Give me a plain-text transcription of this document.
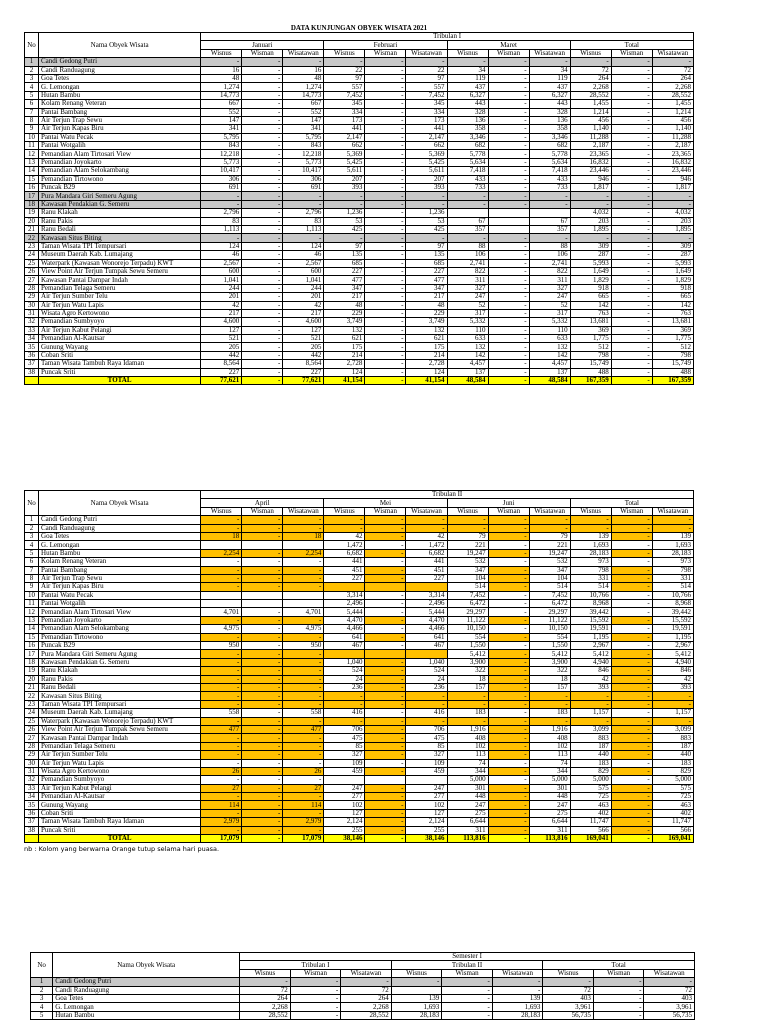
DATA KUNJUNGAN OBYEK WISATA 2021
No	Nama Obyek Wisata	Tribulan I											
		Januari			Februari			Maret			Total		
		Wisnus	Wisman	Wisatawan	Wisnus	Wisman	Wisatawan	Wisnus	Wisman	Wisatawan	Wisnus	Wisman	Wisatawan
1	Candi Gedong Putri	-	-	-	-	-	-	-	-	-	-	-	-
2	Candi Randuagung	16	-	16	22	-	22	34	-	34	72	-	72
3	Goa Tetes	48	-	48	97	-	97	119	-	119	264	-	264
4	G. Lemongan	1,274	-	1,274	557	-	557	437	-	437	2,268	-	2,268
5	Hutan Bambu	14,773	-	14,773	7,452	-	7,452	6,327	-	6,327	28,552	-	28,552
6	Kolam Renang Veteran	667	-	667	345	-	345	443	-	443	1,455	-	1,455
7	Pantai Bambang	552	-	552	334	-	334	328	-	328	1,214	-	1,214
8	Air Terjun Trap Sewu	147	-	147	173	-	173	136	-	136	456	-	456
9	Air Terjun Kapas Biru	341	-	341	441	-	441	358	-	358	1,140	-	1,140
10	Pantai Watu Pecak	5,795	-	5,795	2,147	-	2,147	3,346	-	3,346	11,288	-	11,288
11	Pantai Wotgalih	843	-	843	662	-	662	682	-	682	2,187	-	2,187
12	Pemandian Alam Tirtosari View	12,218	-	12,218	5,369	-	5,369	5,778	-	5,778	23,365	-	23,365
13	Pemandian Joyokarto	5,773	-	5,773	5,425	-	5,425	5,634	-	5,634	16,832	-	16,832
14	Pemandian Alam Selokambang	10,417	-	10,417	5,611	-	5,611	7,418	-	7,418	23,446	-	23,446
15	Pemandian Tirtowono	306	-	306	207	-	207	433	-	433	946	-	946
16	Puncak B29	691	-	691	393	-	393	733	-	733	1,817	-	1,817
17	Pura Mandara Giri Semeru Agung	-	-	-	-	-	-	-	-	-	-	-	-
18	Kawasan Pendakian G. Semeru	-	-	-	-	-	-	-	-	-	-	-	-
19	Ranu Klakah	2,796	-	2,796	1,236	-	1,236				4,032	-	4,032
20	Ranu Pakis	83	-	83	53	-	53	67		67	203	-	203
21	Ranu Bedali	1,113	-	1,113	425	-	425	357		357	1,895	-	1,895
22	Kawasan Situs Biting	-	-	-	-	-	-	-	-	-	-	-	-
23	Taman Wisata TPI Tempursari	124	-	124	97	-	97	88	-	88	309	-	309
24	Museum Daerah Kab. Lumajang	46	-	46	135	-	135	106	-	106	287	-	287
25	Waterpark (Kawasan Wonorejo Terpadu) KWT	2,567	-	2,567	685	-	685	2,741	-	2,741	5,993	-	5,993
26	View Point Air Terjun Tumpak Sewu Semeru	600	-	600	227	-	227	822	-	822	1,649	-	1,649
27	Kawasan Pantai Dampar Indah	1,041	-	1,041	477	-	477	311	-	311	1,829	-	1,829
28	Pemandian Telaga Semeru	244	-	244	347	-	347	327	-	327	918	-	918
29	Air Terjun Sumber Telu	201	-	201	217	-	217	247	-	247	665	-	665
30	Air Terjun Watu Lapis	42	-	42	48	-	48	52	-	52	142	-	142
31	Wisata Agro Kertowono	217	-	217	229	-	229	317	-	317	763	-	763
32	Pemandian Sumbyoyo	4,600	-	4,600	3,749	-	3,749	5,332	-	5,332	13,681	-	13,681
33	Air Terjun Kabut Pelangi	127	-	127	132	-	132	110	-	110	369	-	369
34	Pemandian Al-Kautsar	521	-	521	621	-	621	633	-	633	1,775	-	1,775
35	Gunung Wayang	205	-	205	175	-	175	132	-	132	512	-	512
36	Coban Sriti	442	-	442	214	-	214	142	-	142	798	-	798
37	Taman Wisata Tambuh Raya Idaman	8,564	-	8,564	2,728	-	2,728	4,457	-	4,457	15,749	-	15,749
38	Puncak Sriti	227	-	227	124	-	124	137	-	137	488	-	488
	TOTAL	77,621	-	77,621	41,154	-	41,154	48,584	-	48,584	167,359	-	167,359
No	Nama Obyek Wisata	Tribulan II											
		April			Mei			Juni			Total		
		Wisnus	Wisman	Wisatawan	Wisnus	Wisman	Wisatawan	Wisnus	Wisman	Wisatawan	Wisnus	Wisman	Wisatawan
1	Candi Gedong Putri	-	-	-	-	-	-	-	-	-	-	-	-
2	Candi Randuagung	-	-	-	-	-	-	-	-	-	-	-	-
3	Goa Tetes	18	-	18	42	-	42	79	-	79	139	-	139
4	G. Lemongan				1,472	-	1,472	221	-	221	1,693	-	1,693
5	Hutan Bambu	2,254	-	2,254	6,682	-	6,682	19,247	-	19,247	28,183	-	28,183
6	Kolam Renang Veteran	-	-	-	441	-	441	532	-	532	973	-	973
7	Pantai Bambang	-	-	-	451	-	451	347	-	347	798	-	798
8	Air Terjun Trap Sewu	-	-	-	227	-	227	104	-	104	331	-	331
9	Air Terjun Kapas Biru	-	-	-				514	-	514	514	-	514
10	Pantai Watu Pecak				3,314	-	3,314	7,452	-	7,452	10,766	-	10,766
11	Pantai Wotgalih				2,496	-	2,496	6,472	-	6,472	8,968	-	8,968
12	Pemandian Alam Tirtosari View	4,701	-	4,701	5,444	-	5,444	29,297	-	29,297	39,442	-	39,442
13	Pemandian Joyokarto	-	-	-	4,470	-	4,470	11,122	-	11,122	15,592	-	15,592
14	Pemandian Alam Selokambang	4,975	-	4,975	4,466	-	4,466	10,150	-	10,150	19,591	-	19,591
15	Pemandian Tirtowono	-	-	-	641	-	641	554	-	554	1,195	-	1,195
16	Puncak B29	950	-	950	467	-	467	1,550	-	1,550	2,967	-	2,967
17	Pura Mandara Giri Semeru Agung	-	-	-				5,412	-	5,412	5,412	-	5,412
18	Kawasan Pendakian G. Semeru	-	-	-	1,040	-	1,040	3,900	-	3,900	4,940	-	4,940
19	Ranu Klakah	-	-	-	524	-	524	322	-	322	846	-	846
20	Ranu Pakis	-	-	-	24	-	24	18	-	18	42	-	42
21	Ranu Bedali	-	-	-	236	-	236	157	-	157	393	-	393
22	Kawasan Situs Biting	-	-	-	-	-	-	-	-	-	-	-	-
23	Taman Wisata TPI Tempursari	-	-	-	-	-	-	-	-	-	-	-	-
24	Museum Daerah Kab. Lumajang	558	-	558	416	-	416	183	-	183	1,157	-	1,157
25	Waterpark (Kawasan Wonorejo Terpadu) KWT	-	-	-	-	-	-	-	-	-	-	-	-
26	View Point Air Terjun Tumpak Sewu Semeru	477	-	477	706	-	706	1,916	-	1,916	3,099	-	3,099
27	Kawasan Pantai Dampar Indah	-	-	-	475	-	475	408	-	408	883	-	883
28	Pemandian Telaga Semeru	-	-	-	85	-	85	102	-	102	187	-	187
29	Air Terjun Sumber Telu	-	-	-	327	-	327	113	-	113	440	-	440
30	Air Terjun Watu Lapis	-	-	-	109	-	109	74	-	74	183	-	183
31	Wisata Agro Kertowono	26	-	26	459	-	459	344	-	344	829	-	829
32	Pemandian Sumbyoyo	-	-	-				5,000	-	5,000	5,000	-	5,000
33	Air Terjun Kabut Pelangi	27	-	27	247	-	247	301	-	301	575	-	575
34	Pemandian Al-Kautsar	-	-	-	277	-	277	448	-	448	725	-	725
35	Gunung Wayang	114	-	114	102	-	102	247	-	247	463	-	463
36	Coban Sriti	-	-	-	127	-	127	275	-	275	402	-	402
37	Taman Wisata Tambuh Raya Idaman	2,979	-	2,979	2,124	-	2,124	6,644	-	6,644	11,747	-	11,747
38	Puncak Sriti	-	-	-	255	-	255	311	-	311	566	-	566
	TOTAL	17,079	-	17,079	38,146	-	38,146	113,816	-	113,816	169,041	-	169,041
nb : Kolom yang berwarna Orange tutup selama hari puasa.
No	Nama Obyek Wisata	Semester I								
		Tribulan I			Tribulan II			Total		
		Wisnus	Wisman	Wisatawan	Wisnus	Wisman	Wisatawan	Wisnus	Wisman	Wisatawan
1	Candi Gedong Putri	-	-	-	-	-	-	-	-	-
2	Candi Randuagung	72	-	72		-	-	72	-	72
3	Goa Tetes	264	-	264	139	-	139	403	-	403
4	G. Lemongan	2,268	-	2,268	1,693	-	1,693	3,961	-	3,961
5	Hutan Bambu	28,552	-	28,552	28,183	-	28,183	56,735	-	56,735
